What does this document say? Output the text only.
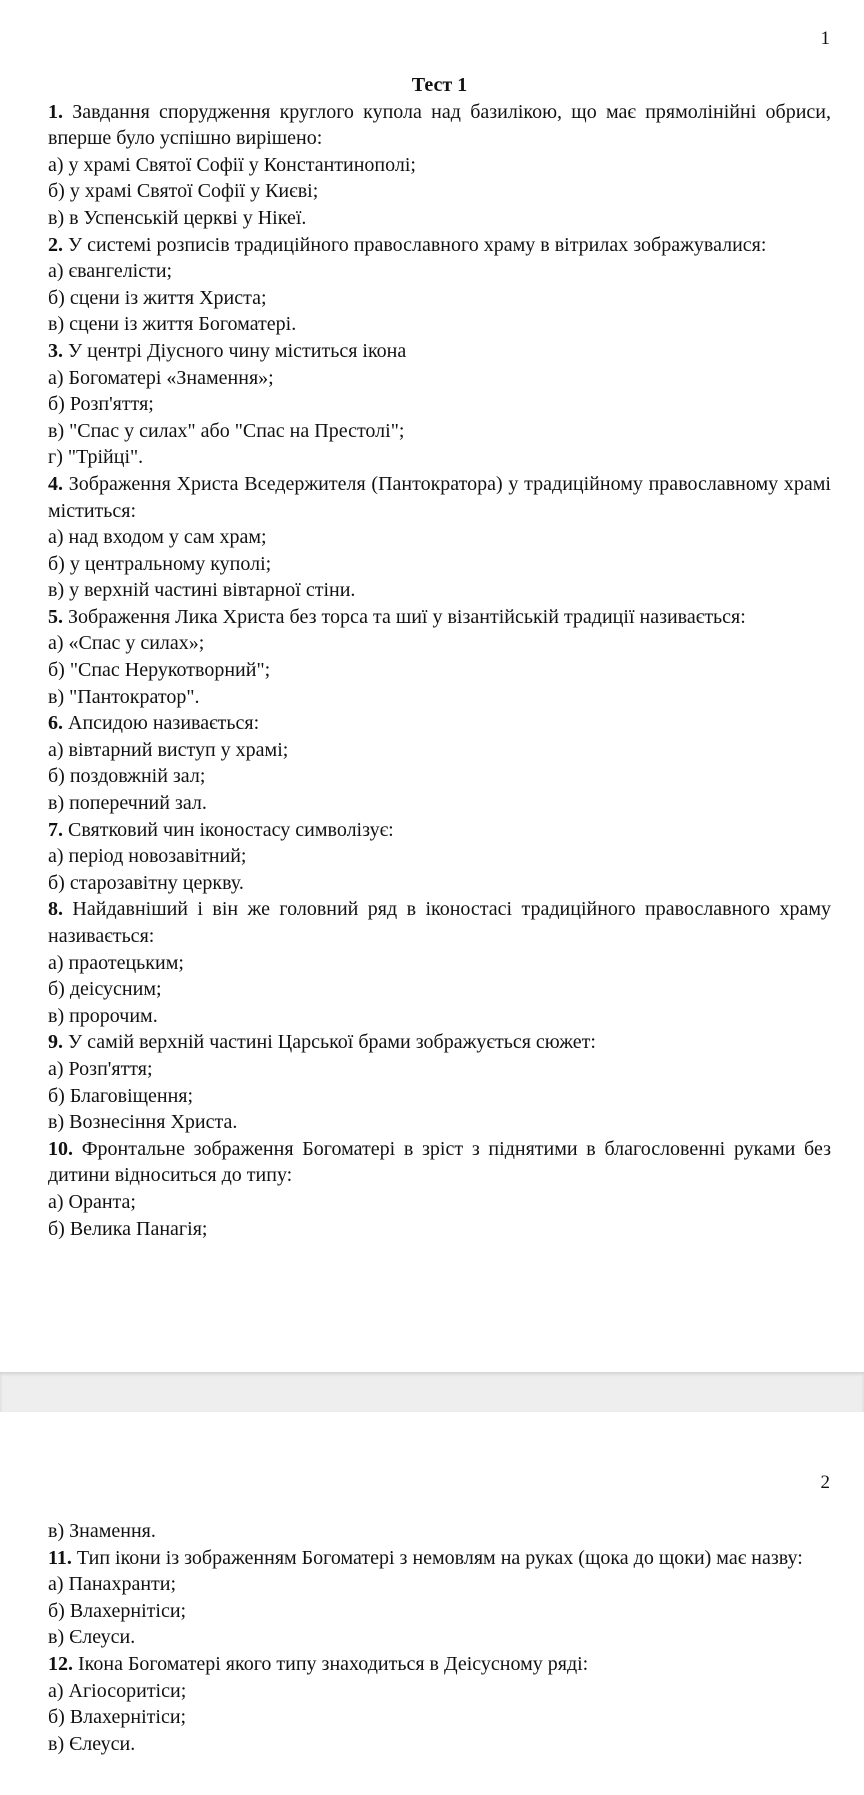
1
Тест 1
1. Завдання спорудження круглого купола над базилікою, що має прямолінійні обриси, вперше було успішно вирішено:
а) у храмі Святої Софії у Константинополі;
б) у храмі Святої Софії у Києві;
в) в Успенській церкві у Нікеї.
2. У системі розписів традиційного православного храму в вітрилах зображувалися:
а) євангелісти;
б) сцени із життя Христа;
в) сцени із життя Богоматері.
3. У центрі Діусного чину міститься ікона
а) Богоматері «Знамення»;
б) Розп'яття;
в) "Спас у силах" або "Спас на Престолі";
г) "Трійці".
4. Зображення Христа Вседержителя (Пантократора) у традиційному православному храмі міститься:
а) над входом у сам храм;
б) у центральному куполі;
в) у верхній частині вівтарної стіни.
5. Зображення Лика Христа без торса та шиї у візантійській традиції називається:
а) «Спас у силах»;
б) "Спас Нерукотворний";
в) "Пантократор".
6. Апсидою називається:
а) вівтарний виступ у храмі;
б) поздовжній зал;
в) поперечний зал.
7. Святковий чин іконостасу символізує:
а) період новозавітний;
б) старозавітну церкву.
8. Найдавніший і він же головний ряд в іконостасі традиційного православного храму називається:
а) праотецьким;
б) деісусним;
в) пророчим.
9. У самій верхній частині Царської брами зображується сюжет:
а) Розп'яття;
б) Благовіщення;
в) Вознесіння Христа.
10. Фронтальне зображення Богоматері в зріст з піднятими в благословенні руками без дитини відноситься до типу:
а) Оранта;
б) Велика Панагія;
2
в) Знамення.
11. Тип ікони із зображенням Богоматері з немовлям на руках (щока до щоки) має назву:
а) Панахранти;
б) Влахернітіси;
в) Єлеуси.
12. Ікона Богоматері якого типу знаходиться в Деісусному ряді:
а) Агіосоритіси;
б) Влахернітіси;
в) Єлеуси.
